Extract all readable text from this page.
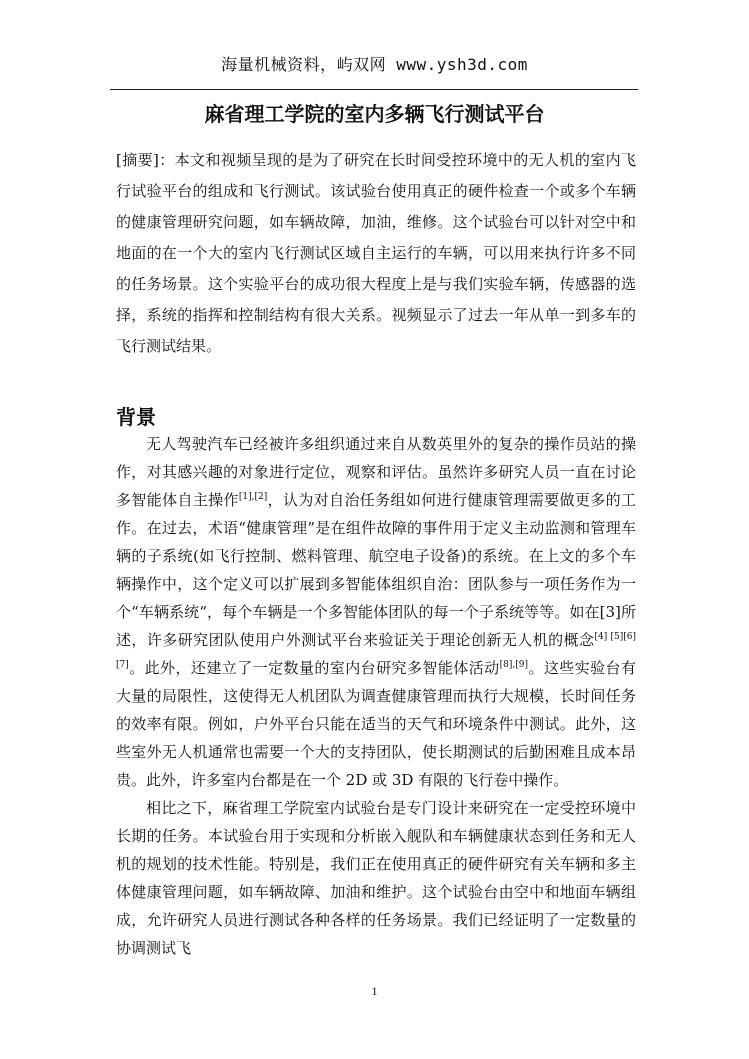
海量机械资料，屿双网 www.ysh3d.com
麻省理工学院的室内多辆飞行测试平台

[摘要]：本文和视频呈现的是为了研究在长时间受控环境中的无人机的室内飞行试验平台的组成和飞行测试。该试验台使用真正的硬件检查一个或多个车辆的健康管理研究问题，如车辆故障，加油，维修。这个试验台可以针对空中和地面的在一个大的室内飞行测试区域自主运行的车辆，可以用来执行许多不同的任务场景。这个实验平台的成功很大程度上是与我们实验车辆，传感器的选择，系统的指挥和控制结构有很大关系。视频显示了过去一年从单一到多车的飞行测试结果。

背景

无人驾驶汽车已经被许多组织通过来自从数英里外的复杂的操作员站的操作，对其感兴趣的对象进行定位，观察和评估。虽然许多研究人员一直在讨论多智能体自主操作[1],[2]，认为对自治任务组如何进行健康管理需要做更多的工作。在过去，术语“健康管理”是在组件故障的事件用于定义主动监测和管理车辆的子系统(如飞行控制、燃料管理、航空电子设备)的系统。在上文的多个车辆操作中，这个定义可以扩展到多智能体组织自治：团队参与一项任务作为一个“车辆系统“，每个车辆是一个多智能体团队的每一个子系统等等。如在[3]所述，许多研究团队使用户外测试平台来验证关于理论创新无人机的概念[4] [5][6][7]。此外，还建立了一定数量的室内台研究多智能体活动[8],[9]。这些实验台有大量的局限性，这使得无人机团队为调查健康管理而执行大规模，长时间任务的效率有限。例如，户外平台只能在适当的天气和环境条件中测试。此外，这些室外无人机通常也需要一个大的支持团队，使长期测试的后勤困难且成本昂贵。此外，许多室内台都是在一个 2D 或 3D 有限的飞行卷中操作。

相比之下，麻省理工学院室内试验台是专门设计来研究在一定受控环境中长期的任务。本试验台用于实现和分析嵌入舰队和车辆健康状态到任务和无人机的规划的技术性能。特别是，我们正在使用真正的硬件研究有关车辆和多主体健康管理问题，如车辆故障、加油和维护。这个试验台由空中和地面车辆组成，允许研究人员进行测试各种各样的任务场景。我们已经证明了一定数量的协调测试飞

1
